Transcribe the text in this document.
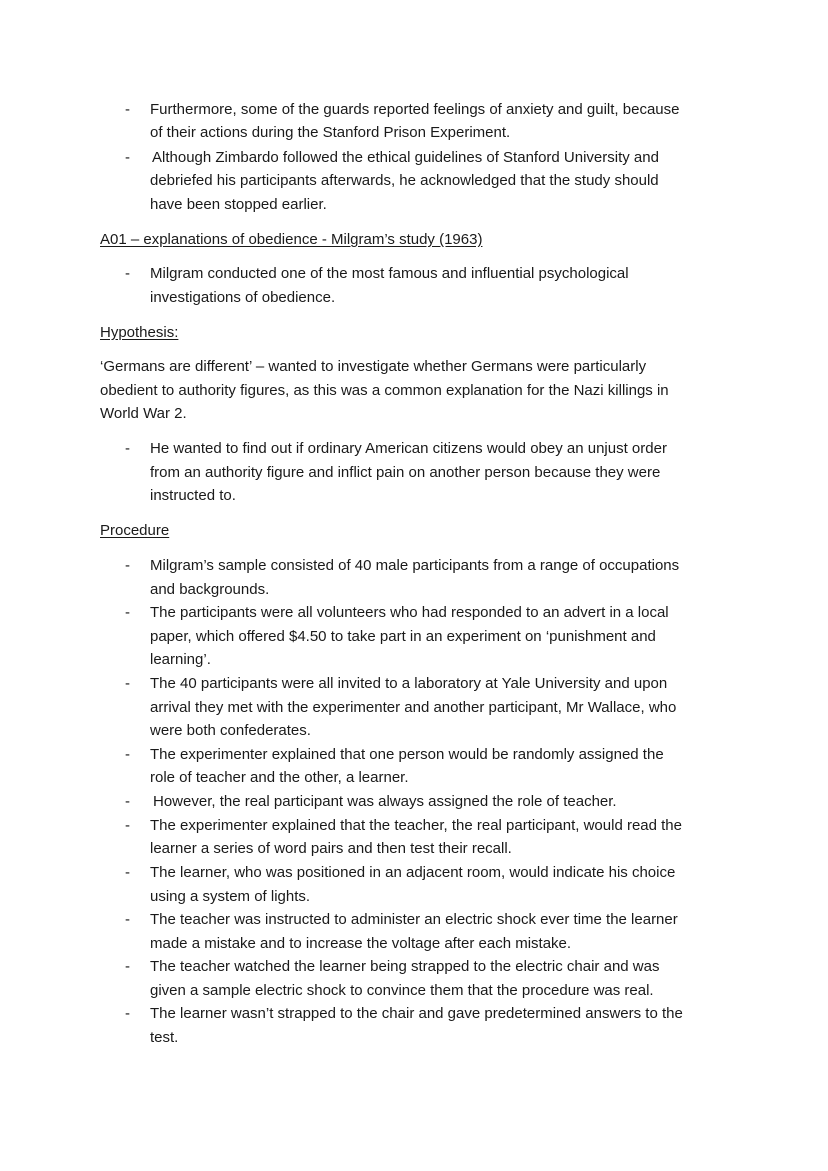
- Furthermore, some of the guards reported feelings of anxiety and guilt, because
of their actions during the Stanford Prison Experiment.
- Although Zimbardo followed the ethical guidelines of Stanford University and
debriefed his participants afterwards, he acknowledged that the study should
have been stopped earlier.
A01 – explanations of obedience - Milgram’s study (1963)
- Milgram conducted one of the most famous and influential psychological
investigations of obedience.
Hypothesis:
‘Germans are different’ – wanted to investigate whether Germans were particularly
obedient to authority figures, as this was a common explanation for the Nazi killings in
World War 2.
- He wanted to find out if ordinary American citizens would obey an unjust order
from an authority figure and inflict pain on another person because they were
instructed to.
Procedure
- Milgram’s sample consisted of 40 male participants from a range of occupations
and backgrounds.
- The participants were all volunteers who had responded to an advert in a local
paper, which offered $4.50 to take part in an experiment on ‘punishment and
learning’.
- The 40 participants were all invited to a laboratory at Yale University and upon
arrival they met with the experimenter and another participant, Mr Wallace, who
were both confederates.
- The experimenter explained that one person would be randomly assigned the
role of teacher and the other, a learner.
- However, the real participant was always assigned the role of teacher.
- The experimenter explained that the teacher, the real participant, would read the
learner a series of word pairs and then test their recall.
- The learner, who was positioned in an adjacent room, would indicate his choice
using a system of lights.
- The teacher was instructed to administer an electric shock ever time the learner
made a mistake and to increase the voltage after each mistake.
- The teacher watched the learner being strapped to the electric chair and was
given a sample electric shock to convince them that the procedure was real.
- The learner wasn’t strapped to the chair and gave predetermined answers to the
test.
